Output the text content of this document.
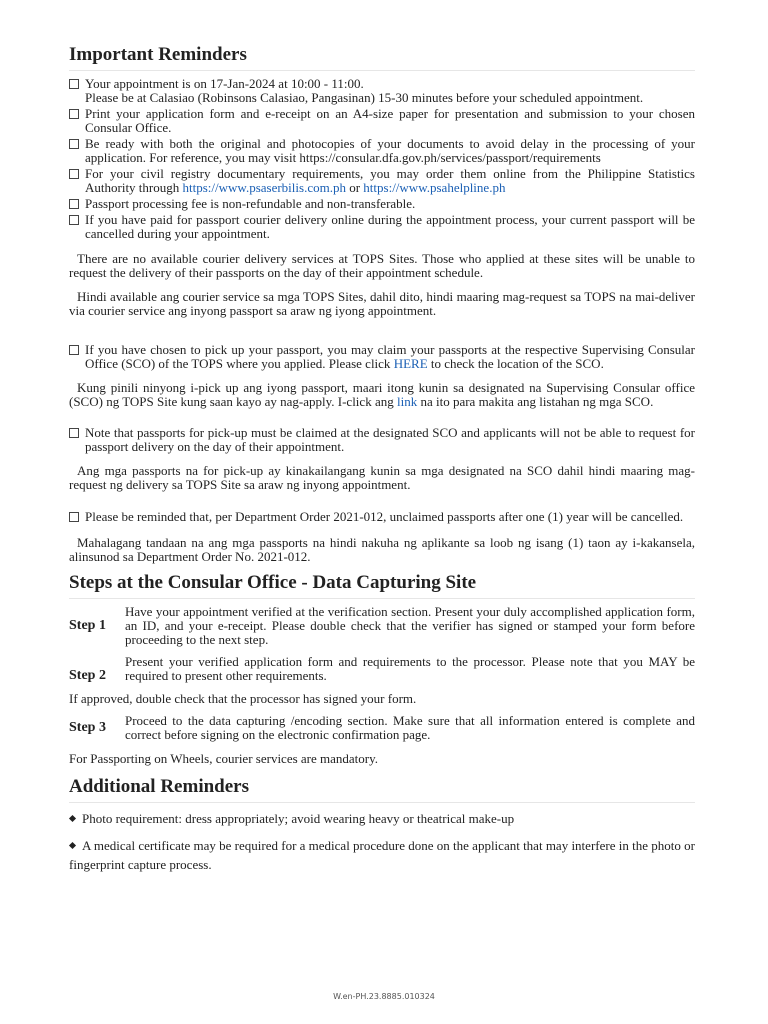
Important Reminders
Your appointment is on 17-Jan-2024 at 10:00 - 11:00.
Please be at Calasiao (Robinsons Calasiao, Pangasinan) 15-30 minutes before your scheduled appointment.
Print your application form and e-receipt on an A4-size paper for presentation and submission to your chosen Consular Office.
Be ready with both the original and photocopies of your documents to avoid delay in the processing of your application. For reference, you may visit https://consular.dfa.gov.ph/services/passport/requirements
For your civil registry documentary requirements, you may order them online from the Philippine Statistics Authority through https://www.psaserbilis.com.ph or https://www.psahelpline.ph
Passport processing fee is non-refundable and non-transferable.
If you have paid for passport courier delivery online during the appointment process, your current passport will be cancelled during your appointment.
There are no available courier delivery services at TOPS Sites. Those who applied at these sites will be unable to request the delivery of their passports on the day of their appointment schedule.
Hindi available ang courier service sa mga TOPS Sites, dahil dito, hindi maaring mag-request sa TOPS na mai-deliver via courier service ang inyong passport sa araw ng iyong appointment.
If you have chosen to pick up your passport, you may claim your passports at the respective Supervising Consular Office (SCO) of the TOPS where you applied. Please click HERE to check the location of the SCO.
Kung pinili ninyong i-pick up ang iyong passport, maari itong kunin sa designated na Supervising Consular office (SCO) ng TOPS Site kung saan kayo ay nag-apply. I-click ang link na ito para makita ang listahan ng mga SCO.
Note that passports for pick-up must be claimed at the designated SCO and applicants will not be able to request for passport delivery on the day of their appointment.
Ang mga passports na for pick-up ay kinakailangang kunin sa mga designated na SCO dahil hindi maaring mag-request ng delivery sa TOPS Site sa araw ng inyong appointment.
Please be reminded that, per Department Order 2021-012, unclaimed passports after one (1) year will be cancelled.
Mahalagang tandaan na ang mga passports na hindi nakuha ng aplikante sa loob ng isang (1) taon ay i-kakansela, alinsunod sa Department Order No. 2021-012.
Steps at the Consular Office - Data Capturing Site
Step 1	Have your appointment verified at the verification section. Present your duly accomplished application form, an ID, and your e-receipt. Please double check that the verifier has signed or stamped your form before proceeding to the next step.
Step 2	Present your verified application form and requirements to the processor. Please note that you MAY be required to present other requirements.
If approved, double check that the processor has signed your form.
Step 3	Proceed to the data capturing /encoding section. Make sure that all information entered is complete and correct before signing on the electronic confirmation page.
For Passporting on Wheels, courier services are mandatory.
Additional Reminders
Photo requirement: dress appropriately; avoid wearing heavy or theatrical make-up
A medical certificate may be required for a medical procedure done on the applicant that may interfere in the photo or fingerprint capture process.
W.en-PH.23.8885.010324
